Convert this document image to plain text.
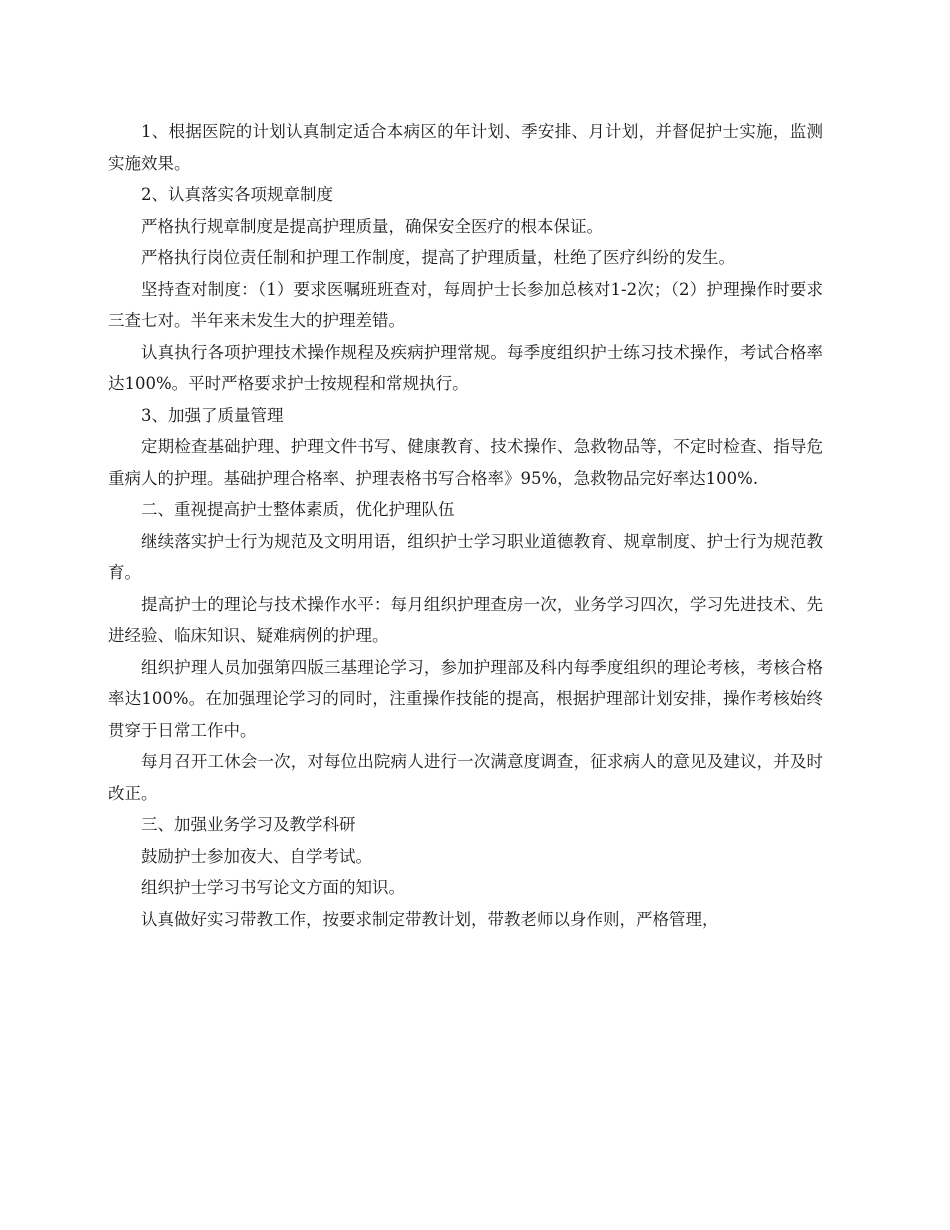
1、根据医院的计划认真制定适合本病区的年计划、季安排、月计划，并督促护士实施，监测实施效果。

2、认真落实各项规章制度

严格执行规章制度是提高护理质量，确保安全医疗的根本保证。

严格执行岗位责任制和护理工作制度，提高了护理质量，杜绝了医疗纠纷的发生。

坚持查对制度：（1）要求医嘱班班查对，每周护士长参加总核对1-2次；（2）护理操作时要求三查七对。半年来未发生大的护理差错。

认真执行各项护理技术操作规程及疾病护理常规。每季度组织护士练习技术操作，考试合格率达100%。平时严格要求护士按规程和常规执行。

3、加强了质量管理

定期检查基础护理、护理文件书写、健康教育、技术操作、急救物品等，不定时检查、指导危重病人的护理。基础护理合格率、护理表格书写合格率》95%，急救物品完好率达100%.

二、重视提高护士整体素质，优化护理队伍

继续落实护士行为规范及文明用语，组织护士学习职业道德教育、规章制度、护士行为规范教育。

提高护士的理论与技术操作水平：每月组织护理查房一次，业务学习四次，学习先进技术、先进经验、临床知识、疑难病例的护理。

组织护理人员加强第四版三基理论学习，参加护理部及科内每季度组织的理论考核，考核合格率达100%。在加强理论学习的同时，注重操作技能的提高，根据护理部计划安排，操作考核始终贯穿于日常工作中。

每月召开工休会一次，对每位出院病人进行一次满意度调查，征求病人的意见及建议，并及时改正。

三、加强业务学习及教学科研

鼓励护士参加夜大、自学考试。

组织护士学习书写论文方面的知识。

认真做好实习带教工作，按要求制定带教计划，带教老师以身作则，严格管理，
